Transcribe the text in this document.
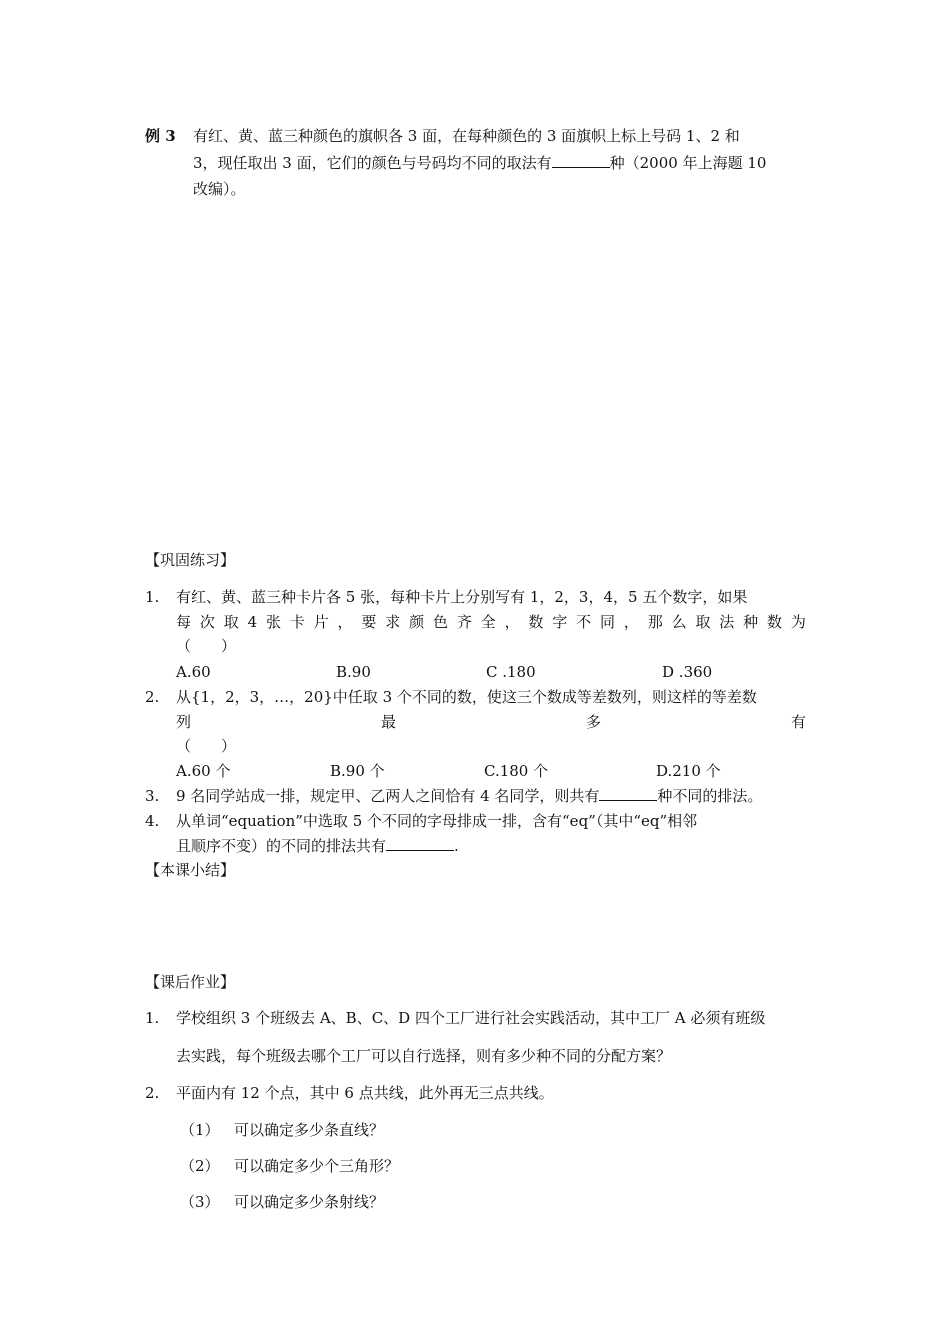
例 3 有红、黄、蓝三种颜色的旗帜各 3 面，在每种颜色的 3 面旗帜上标上号码 1、2 和
3，现任取出 3 面，它们的颜色与号码均不同的取法有	种（2000 年上海题 10
改编）。
【巩固练习】
1.	有红、黄、蓝三种卡片各 5 张，每种卡片上分别写有 1，2，3，4，5 五个数字，如果
每 次 取 4 张 卡 片 ， 要 求 颜 色 齐 全 ， 数 字 不 同 ， 那 么 取 法 种 数 为
（　　）
A.60	B.90	C .180	D .360
2.	从{1，2，3，…，20}中任取 3 个不同的数，使这三个数成等差数列，则这样的等差数
列	最	多	有
（　　）
A.60 个	B.90 个	C.180 个	D.210 个
3.	9 名同学站成一排，规定甲、乙两人之间恰有 4 名同学，则共有	种不同的排法。
4.	从单词“equation”中选取 5 个不同的字母排成一排，含有“eq”（其中“eq”相邻
且顺序不变）的不同的排法共有	.
【本课小结】
【课后作业】
1.	学校组织 3 个班级去 A、B、C、D 四个工厂进行社会实践活动，其中工厂 A 必须有班级
去实践，每个班级去哪个工厂可以自行选择，则有多少种不同的分配方案？
2.	平面内有 12 个点，其中 6 点共线，此外再无三点共线。
（1） 可以确定多少条直线？
（2） 可以确定多少个三角形？
（3） 可以确定多少条射线？
